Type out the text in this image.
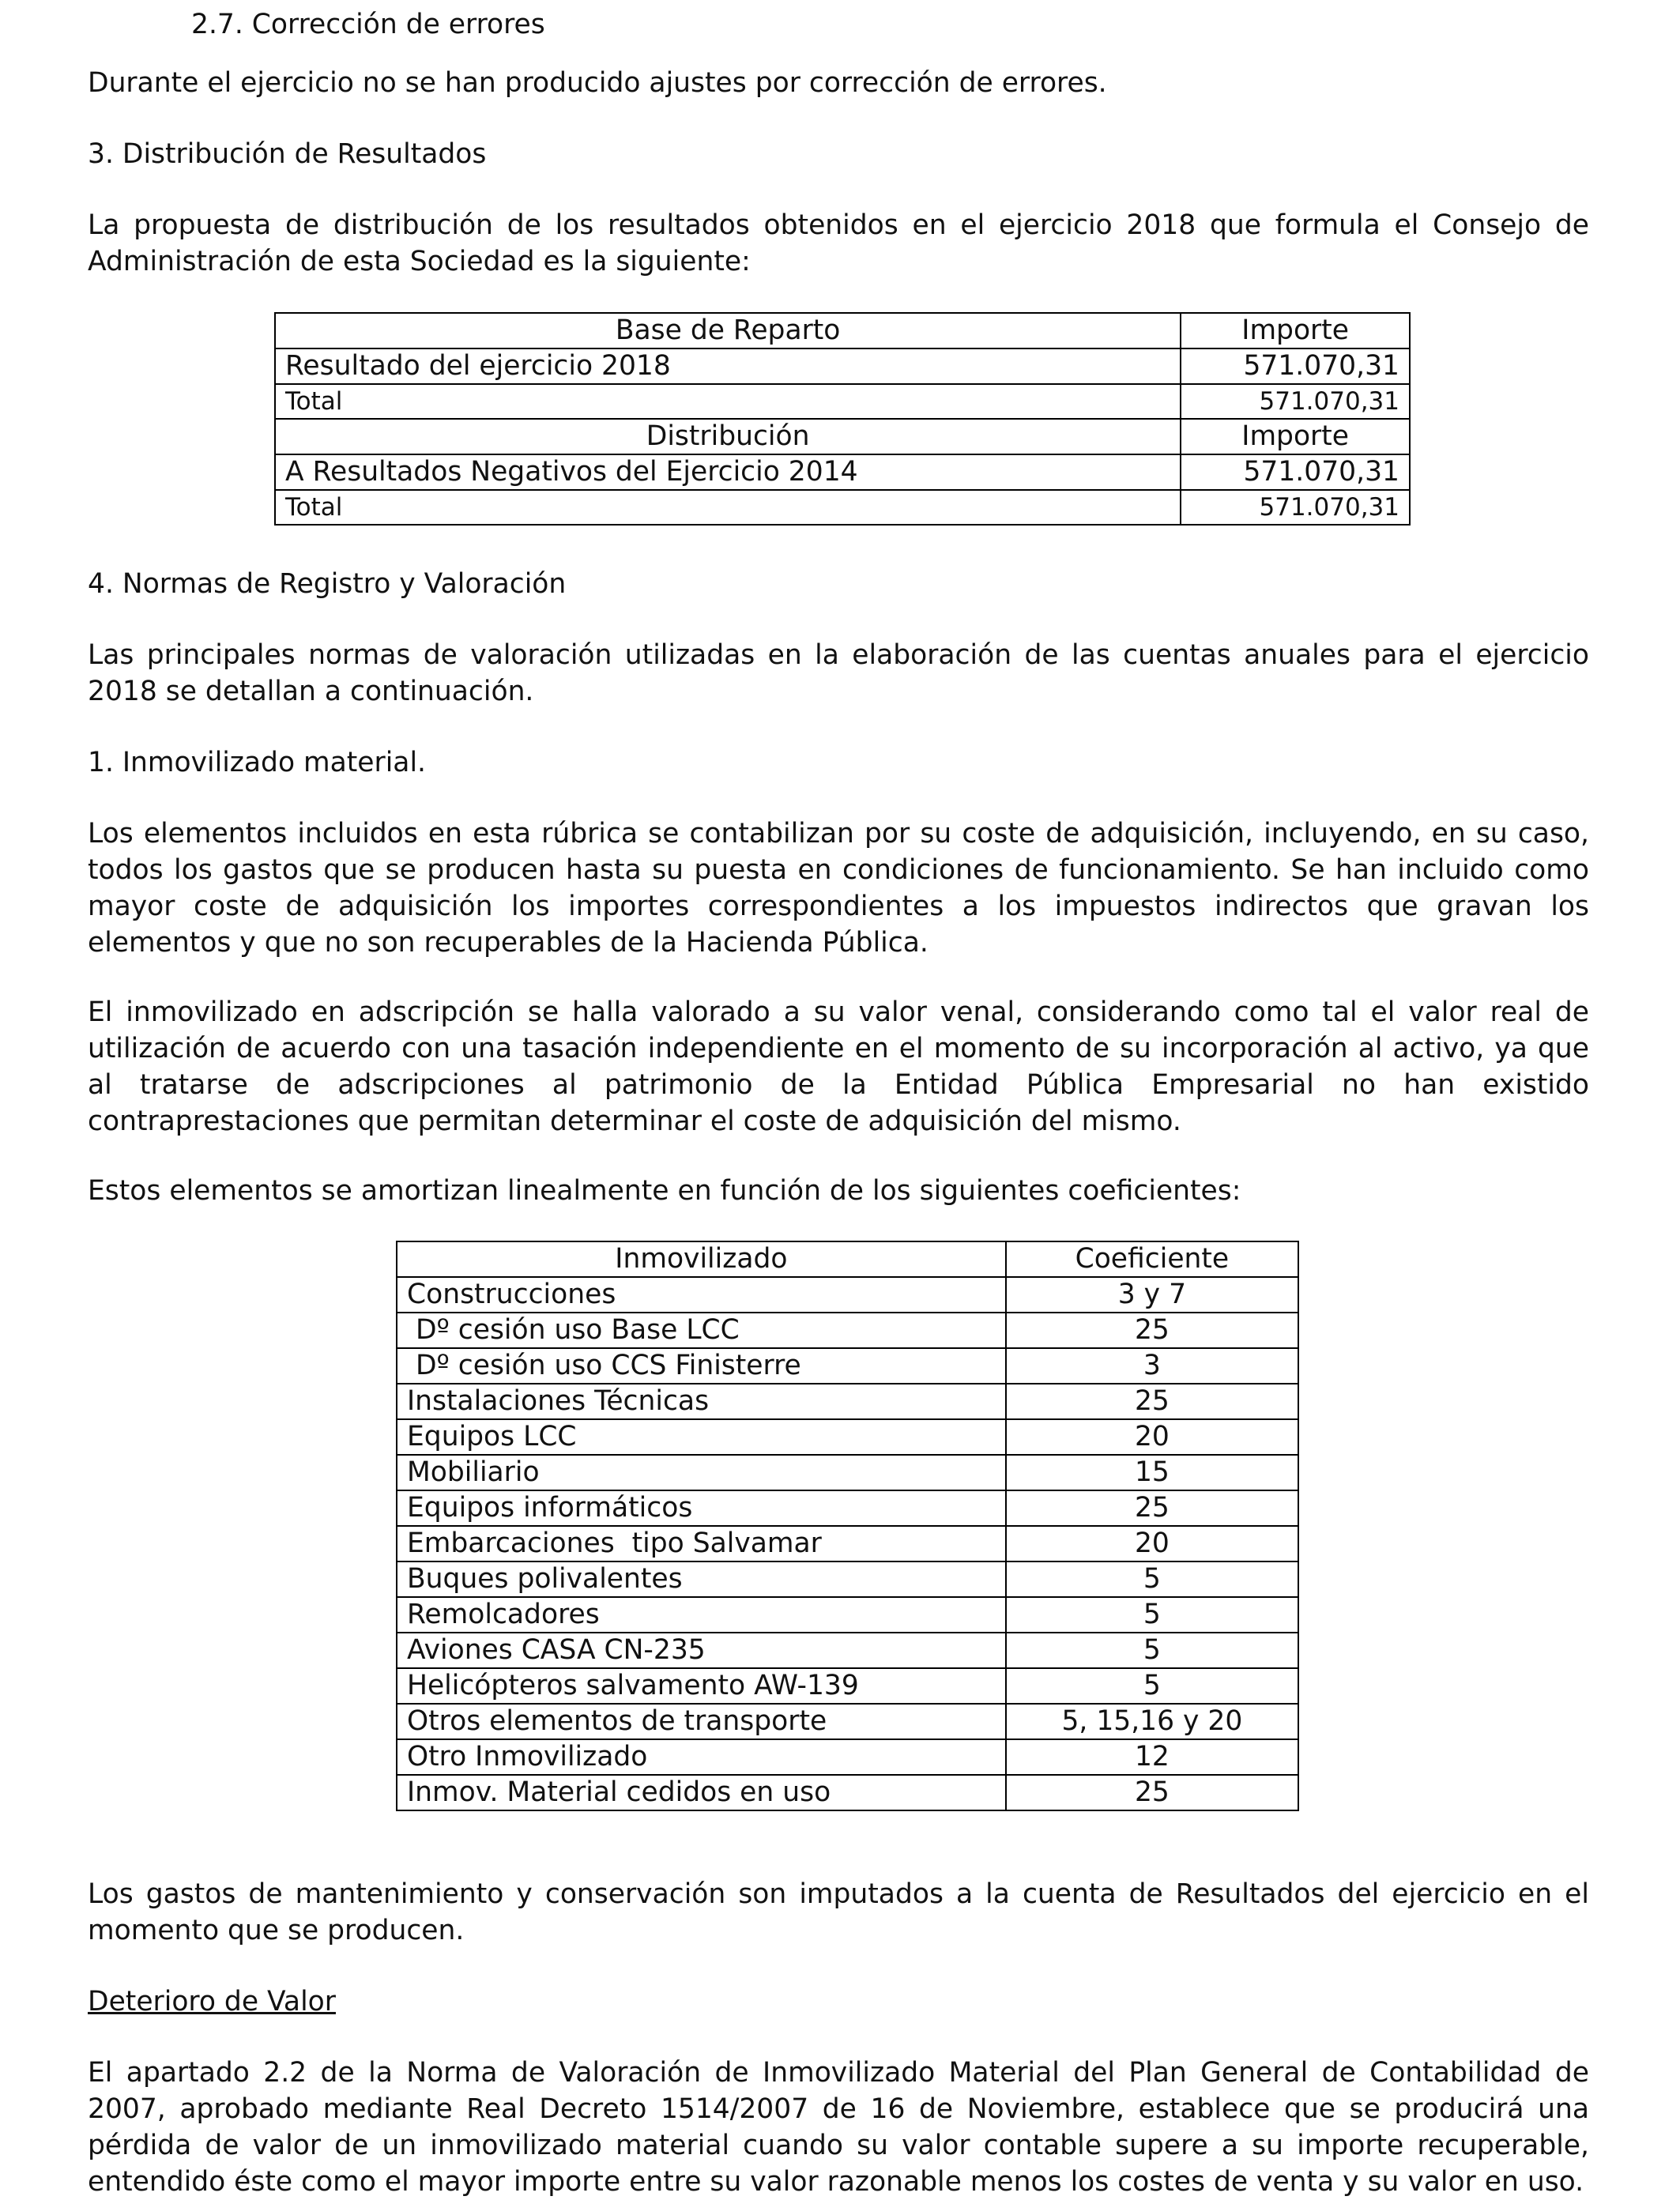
2.7. Corrección de errores

Durante el ejercicio no se han producido ajustes por corrección de errores.

3. Distribución de Resultados

La propuesta de distribución de los resultados obtenidos en el ejercicio 2018 que formula el Consejo de Administración de esta Sociedad es la siguiente:

Base de Reparto	Importe
Resultado del ejercicio 2018	571.070,31
Total	571.070,31
Distribución	Importe
A Resultados Negativos del Ejercicio 2014	571.070,31
Total	571.070,31

4. Normas de Registro y Valoración

Las principales normas de valoración utilizadas en la elaboración de las cuentas anuales para el ejercicio 2018 se detallan a continuación.

1. Inmovilizado material.

Los elementos incluidos en esta rúbrica se contabilizan por su coste de adquisición, incluyendo, en su caso, todos los gastos que se producen hasta su puesta en condiciones de funcionamiento. Se han incluido como mayor coste de adquisición los importes correspondientes a los impuestos indirectos que gravan los elementos y que no son recuperables de la Hacienda Pública.

El inmovilizado en adscripción se halla valorado a su valor venal, considerando como tal el valor real de utilización de acuerdo con una tasación independiente en el momento de su incorporación al activo, ya que al tratarse de adscripciones al patrimonio de la Entidad Pública Empresarial no han existido contraprestaciones que permitan determinar el coste de adquisición del mismo.

Estos elementos se amortizan linealmente en función de los siguientes coeficientes:

Inmovilizado	Coeficiente
Construcciones	3 y 7
Dº cesión uso Base LCC	25
Dº cesión uso CCS Finisterre	3
Instalaciones Técnicas	25
Equipos LCC	20
Mobiliario	15
Equipos informáticos	25
Embarcaciones  tipo Salvamar	20
Buques polivalentes	5
Remolcadores	5
Aviones CASA CN-235	5
Helicópteros salvamento AW-139	5
Otros elementos de transporte	5, 15,16 y 20
Otro Inmovilizado	12
Inmov. Material cedidos en uso	25

Los gastos de mantenimiento y conservación son imputados a la cuenta de Resultados del ejercicio en el momento que se producen.

Deterioro de Valor

El apartado 2.2 de la Norma de Valoración de Inmovilizado Material del Plan General de Contabilidad de 2007, aprobado mediante Real Decreto 1514/2007 de 16 de Noviembre, establece que se producirá una pérdida de valor de un inmovilizado material cuando su valor contable supere a su importe recuperable, entendido éste como el mayor importe entre su valor razonable menos los costes de venta y su valor en uso.
